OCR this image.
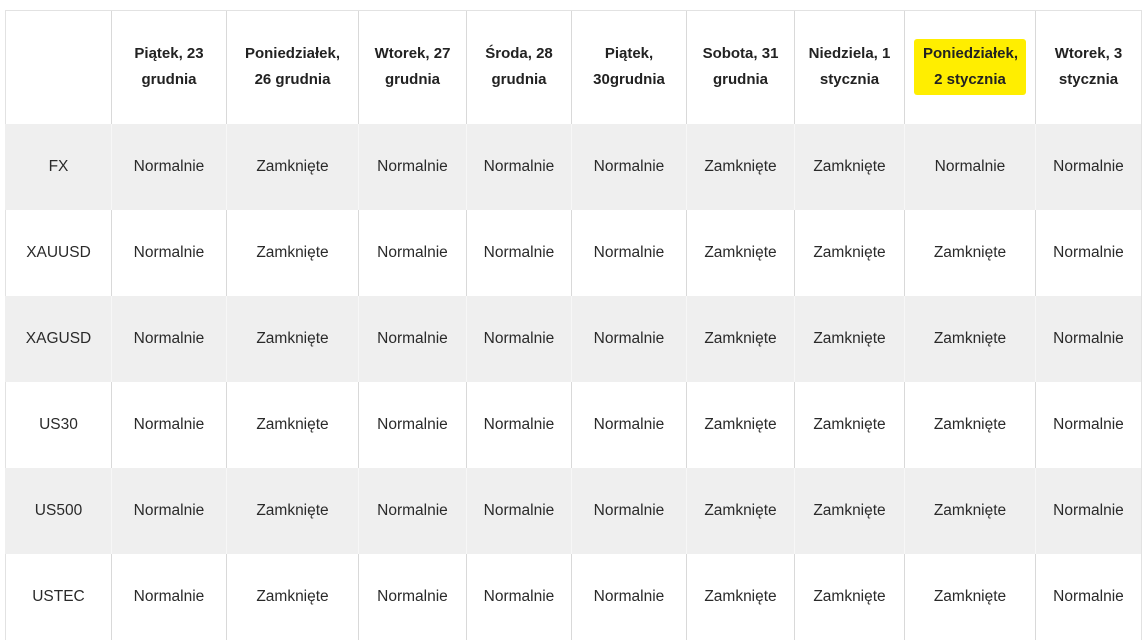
	Piątek, 23 grudnia	Poniedziałek, 26 grudnia	Wtorek, 27 grudnia	Środa, 28 grudnia	Piątek, 30grudnia	Sobota, 31 grudnia	Niedziela, 1 stycznia	Poniedziałek, 2 stycznia	Wtorek, 3 stycznia
FX	Normalnie	Zamknięte	Normalnie	Normalnie	Normalnie	Zamknięte	Zamknięte	Normalnie	Normalnie
XAUUSD	Normalnie	Zamknięte	Normalnie	Normalnie	Normalnie	Zamknięte	Zamknięte	Zamknięte	Normalnie
XAGUSD	Normalnie	Zamknięte	Normalnie	Normalnie	Normalnie	Zamknięte	Zamknięte	Zamknięte	Normalnie
US30	Normalnie	Zamknięte	Normalnie	Normalnie	Normalnie	Zamknięte	Zamknięte	Zamknięte	Normalnie
US500	Normalnie	Zamknięte	Normalnie	Normalnie	Normalnie	Zamknięte	Zamknięte	Zamknięte	Normalnie
USTEC	Normalnie	Zamknięte	Normalnie	Normalnie	Normalnie	Zamknięte	Zamknięte	Zamknięte	Normalnie
